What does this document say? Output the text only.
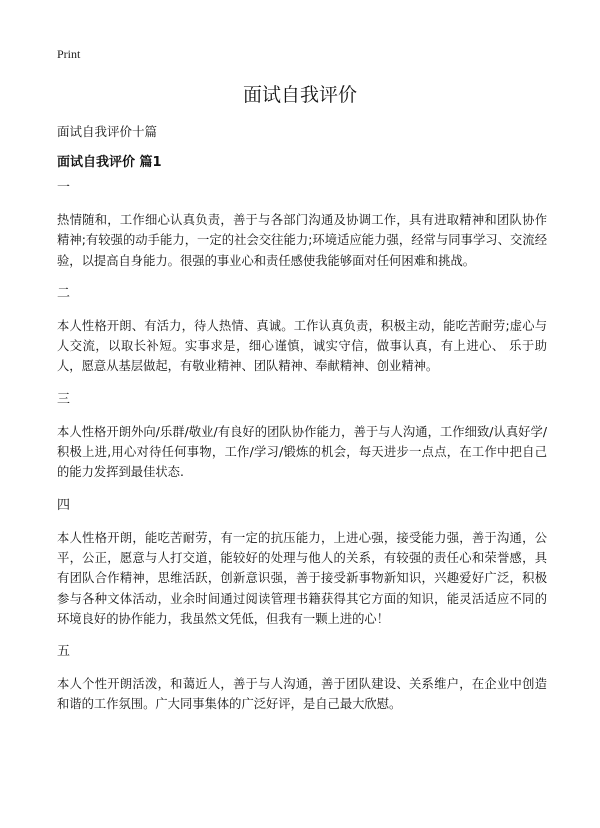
Print
面试自我评价
面试自我评价十篇
面试自我评价 篇1
一

热情随和，工作细心认真负责，善于与各部门沟通及协调工作，具有进取精神和团队协作精神;有较强的动手能力，一定的社会交往能力;环境适应能力强，经常与同事学习、交流经验，以提高自身能力。很强的事业心和责任感使我能够面对任何困难和挑战。

二

本人性格开朗、有活力，待人热情、真诚。工作认真负责，积极主动，能吃苦耐劳;虚心与人交流，以取长补短。实事求是，细心谨慎，诚实守信，做事认真，有上进心、 乐于助人，愿意从基层做起，有敬业精神、团队精神、奉献精神、创业精神。

三

本人性格开朗外向/乐群/敬业/有良好的团队协作能力，善于与人沟通，工作细致/认真好学/积极上进,用心对待任何事物，工作/学习/锻炼的机会，每天进步一点点，在工作中把自己的能力发挥到最佳状态.

四

本人性格开朗，能吃苦耐劳，有一定的抗压能力，上进心强，接受能力强，善于沟通，公平，公正，愿意与人打交道，能较好的处理与他人的关系，有较强的责任心和荣誉感，具有团队合作精神，思维活跃，创新意识强，善于接受新事物新知识，兴趣爱好广泛，积极参与各种文体活动，业余时间通过阅读管理书籍获得其它方面的知识，能灵活适应不同的环境良好的协作能力，我虽然文凭低，但我有一颗上进的心！

五

本人个性开朗活泼，和蔼近人，善于与人沟通，善于团队建设、关系维户，在企业中创造和谐的工作氛围。广大同事集体的广泛好评，是自己最大欣慰。
